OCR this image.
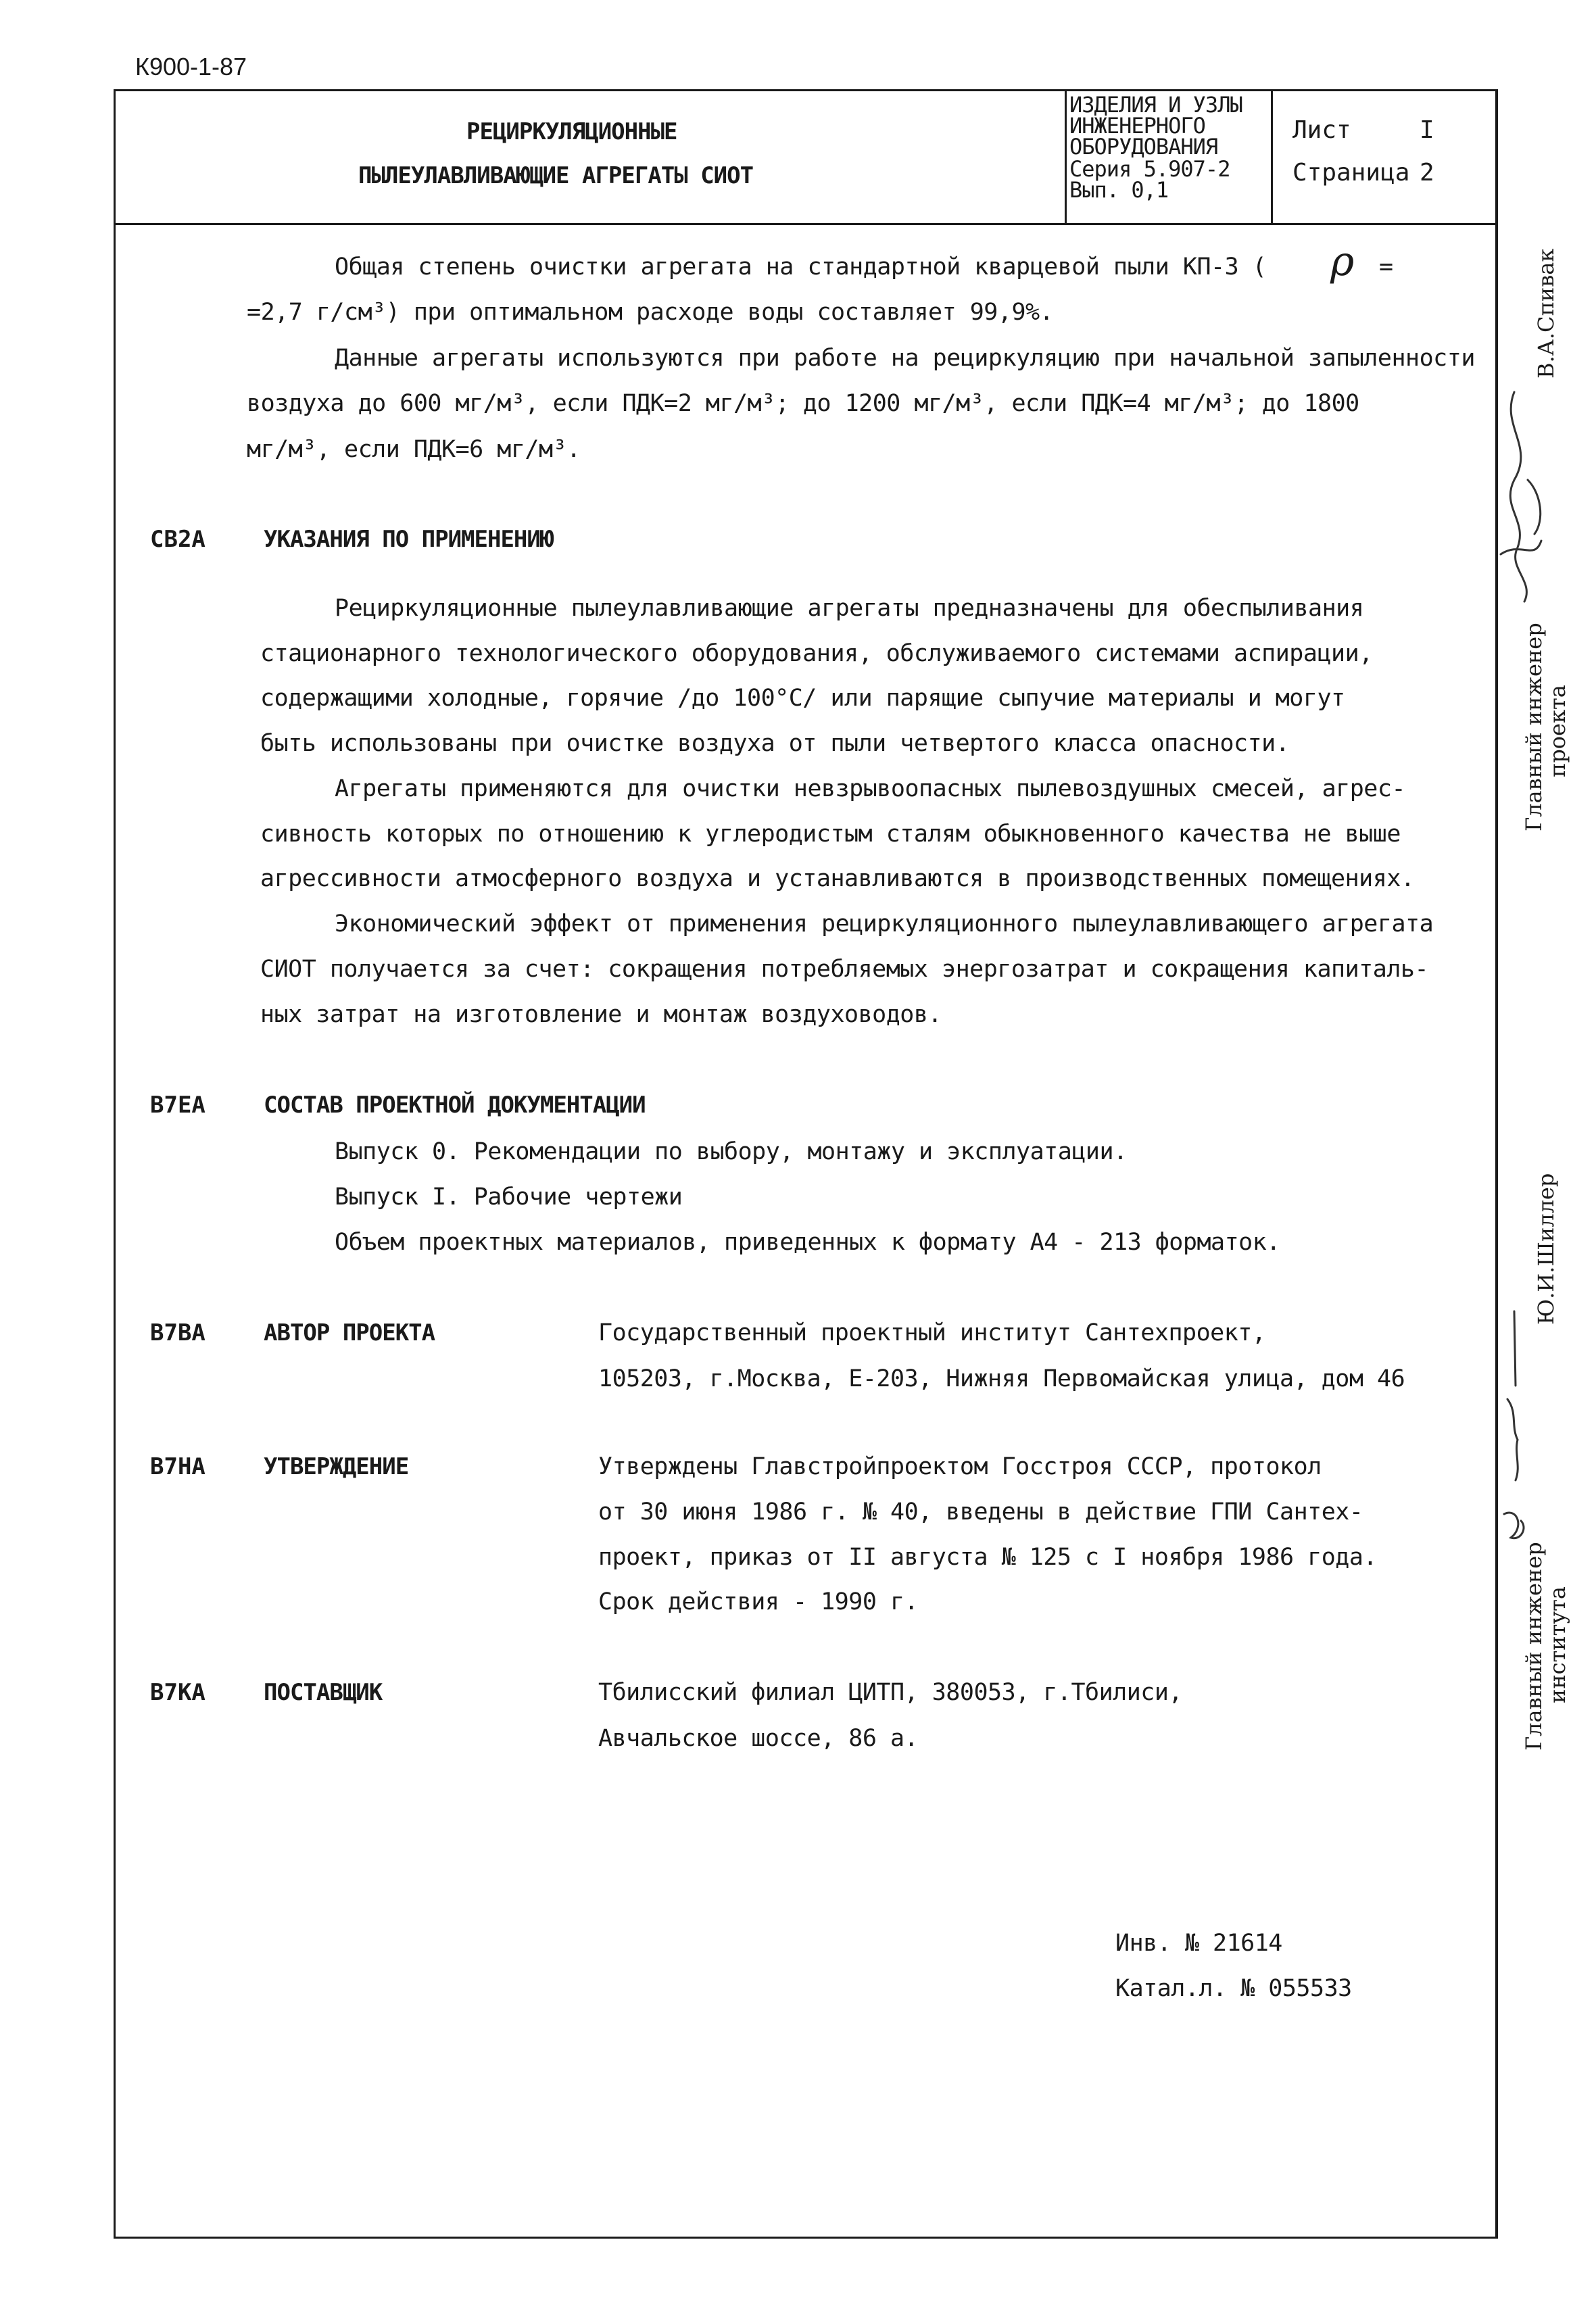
К900-1-87
РЕЦИРКУЛЯЦИОННЫЕ
ПЫЛЕУЛАВЛИВАЮЩИЕ АГРЕГАТЫ СИОТ
ИЗДЕЛИЯ И УЗЛЫ
ИНЖЕНЕРНОГО
ОБОРУДОВАНИЯ
Серия 5.907-2
Вып. 0,1
Лист	I
Страница 2
Общая степень очистки агрегата на стандартной кварцевой пыли КП-3 ( ρ =
=2,7 г/см³) при оптимальном расходе воды составляет 99,9%.
Данные агрегаты используются при работе на рециркуляцию при начальной запыленности
воздуха до 600 мг/м³, если ПДК=2 мг/м³; до 1200 мг/м³, если ПДК=4 мг/м³; до 1800
мг/м³, если ПДК=6 мг/м³.
СВ2А	УКАЗАНИЯ ПО ПРИМЕНЕНИЮ
Рециркуляционные пылеулавливающие агрегаты предназначены для обеспыливания
стационарного технологического оборудования, обслуживаемого системами аспирации,
содержащими холодные, горячие /до 100°С/ или парящие сыпучие материалы и могут
быть использованы при очистке воздуха от пыли четвертого класса опасности.
Агрегаты применяются для очистки невзрывоопасных пылевоздушных смесей, агрес-
сивность которых по отношению к углеродистым сталям обыкновенного качества не выше
агрессивности атмосферного воздуха и устанавливаются в производственных помещениях.
Экономический эффект от применения рециркуляционного пылеулавливающего агрегата
СИОТ получается за счет: сокращения потребляемых энергозатрат и сокращения капиталь-
ных затрат на изготовление и монтаж воздуховодов.
В7ЕА	СОСТАВ ПРОЕКТНОЙ ДОКУМЕНТАЦИИ
Выпуск 0. Рекомендации по выбору, монтажу и эксплуатации.
Выпуск I. Рабочие чертежи
Объем проектных материалов, приведенных к формату А4 - 213 форматок.
В7ВА	АВТОР ПРОЕКТА	Государственный проектный институт Сантехпроект,
105203, г.Москва, Е-203, Нижняя Первомайская улица, дом 46
В7НА	УТВЕРЖДЕНИЕ	Утверждены Главстройпроектом Госстроя СССР, протокол
от 30 июня 1986 г. № 40, введены в действие ГПИ Сантех-
проект, приказ от II августа № 125 с I ноября 1986 года.
Срок действия - 1990 г.
В7КА	ПОСТАВЩИК	Тбилисский филиал ЦИТП, 380053, г.Тбилиси,
Авчальское шоссе, 86 а.
Инв. № 21614
Катал.л. № 055533
Главный инженер
проекта
В.А.Спивак
Главный инженер
института
Ю.И.Шиллер
